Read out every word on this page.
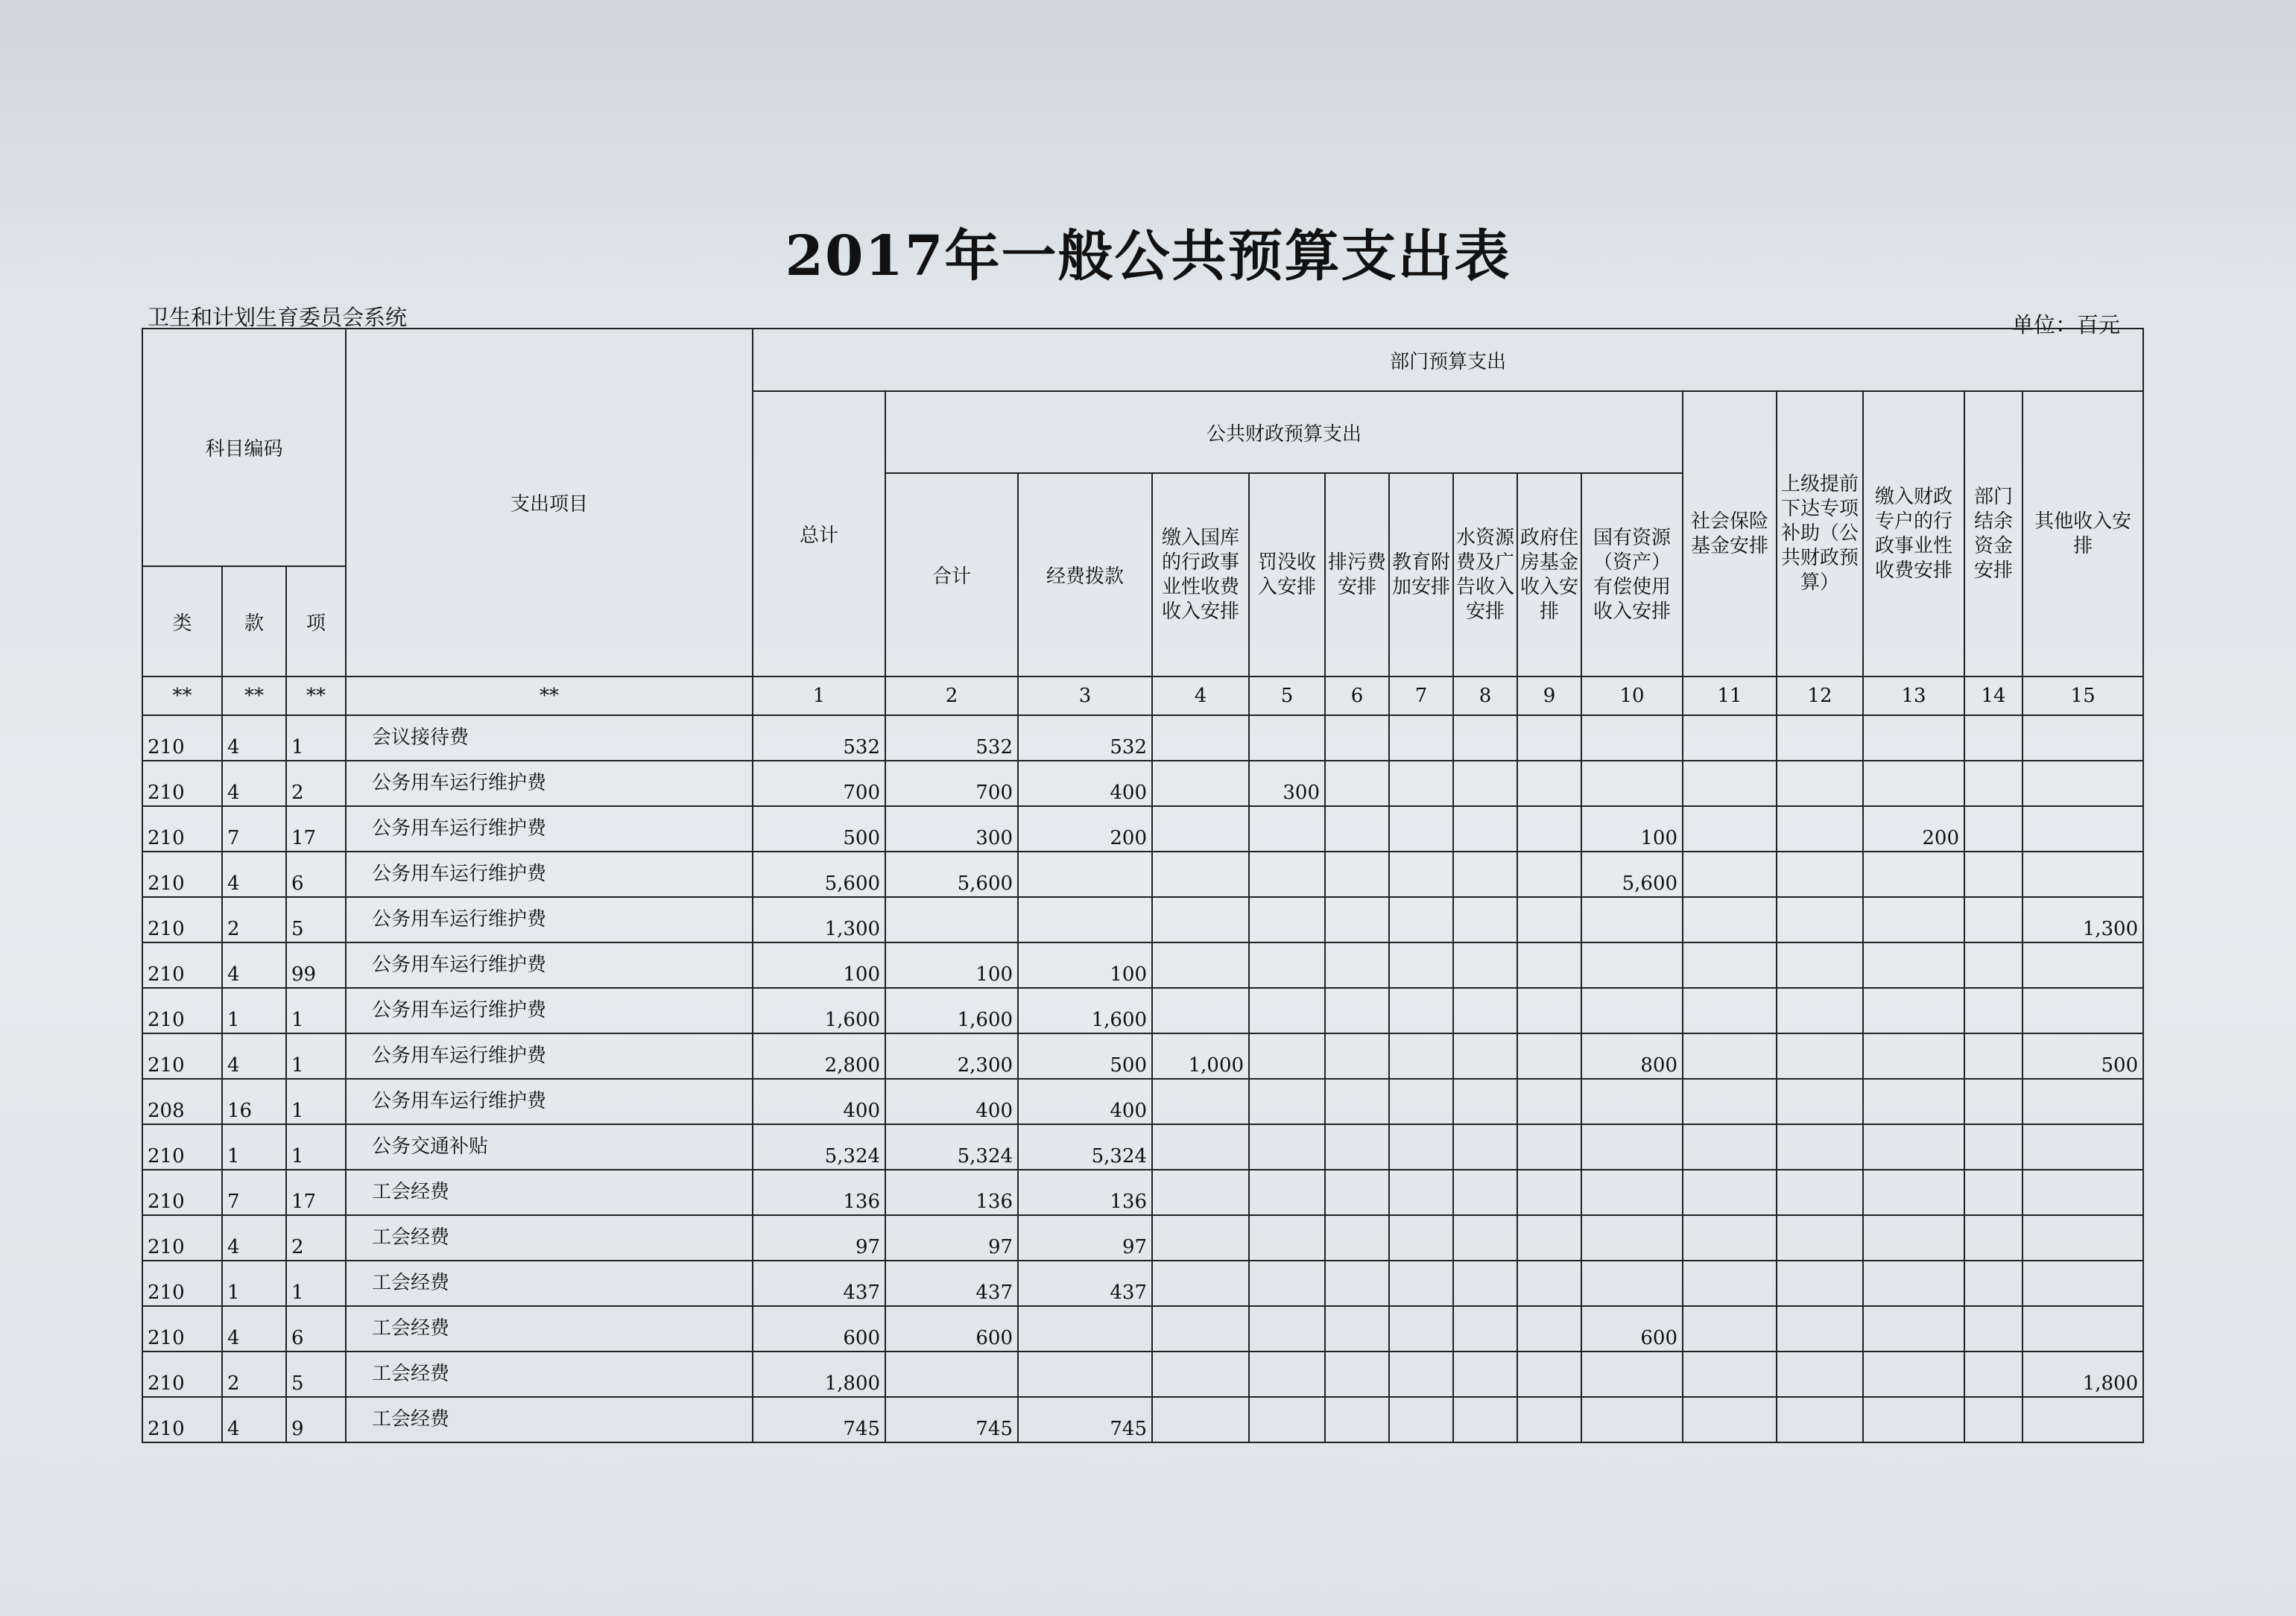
2017年一般公共预算支出表
卫生和计划生育委员会系统	单位：百元
科目编码			支出项目	部门预算支出														
				总计	公共财政预算支出									社会保险基金安排	上级提前下达专项补助（公共财政预算）	缴入财政专户的行政事业性收费安排	部门结余资金安排	其他收入安排
					合计	经费拨款	缴入国库的行政事业性收费收入安排	罚没收入安排	排污费安排	教育附加安排	水资源费及广告收入安排	政府住房基金收入安排	国有资源（资产）有偿使用收入安排					
类	款	项																
**	**	**	**	1	2	3	4	5	6	7	8	9	10	11	12	13	14	15
210	4	1	会议接待费	532	532	532												
210	4	2	公务用车运行维护费	700	700	400		300										
210	7	17	公务用车运行维护费	500	300	200							100			200		
210	4	6	公务用车运行维护费	5,600	5,600								5,600					
210	2	5	公务用车运行维护费	1,300														1,300
210	4	99	公务用车运行维护费	100	100	100												
210	1	1	公务用车运行维护费	1,600	1,600	1,600												
210	4	1	公务用车运行维护费	2,800	2,300	500	1,000						800					500
208	16	1	公务用车运行维护费	400	400	400												
210	1	1	公务交通补贴	5,324	5,324	5,324												
210	7	17	工会经费	136	136	136												
210	4	2	工会经费	97	97	97												
210	1	1	工会经费	437	437	437												
210	4	6	工会经费	600	600								600					
210	2	5	工会经费	1,800														1,800
210	4	9	工会经费	745	745	745												
